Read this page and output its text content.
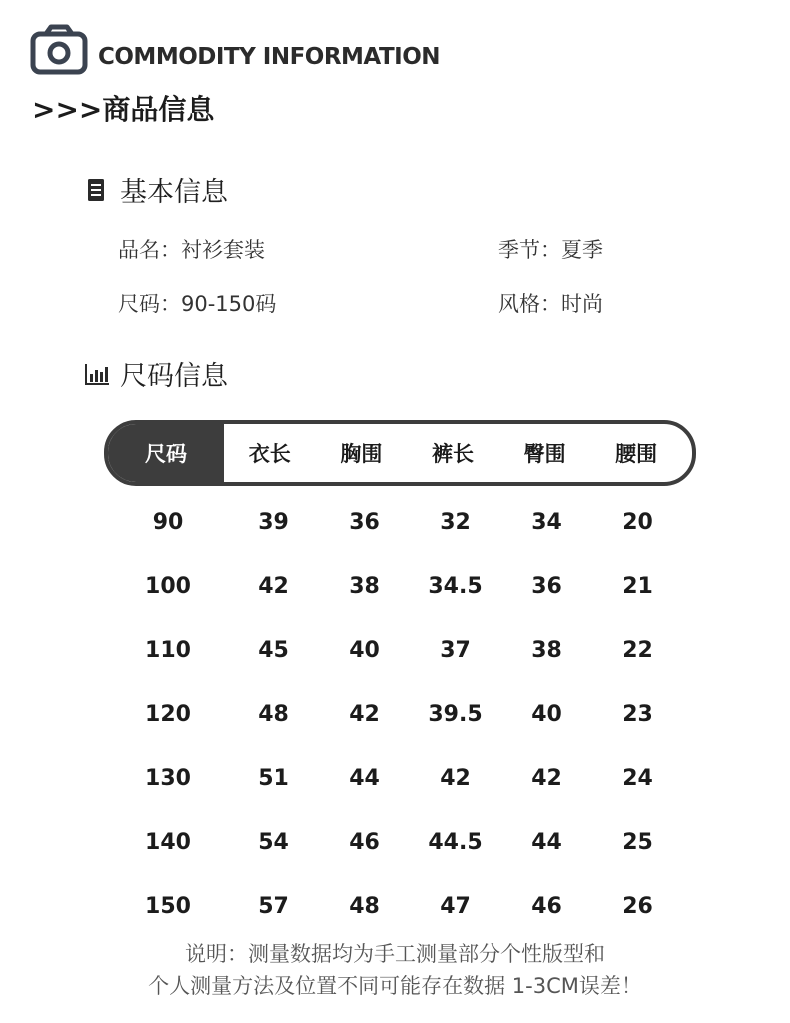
COMMODITY INFORMATION
>>>商品信息
基本信息
品名：衬衫套装	季节：夏季
尺码：90-150码	风格：时尚
尺码信息
尺码	衣长	胸围	裤长	臀围	腰围
90	39	36	32	34	20
100	42	38	34.5	36	21
110	45	40	37	38	22
120	48	42	39.5	40	23
130	51	44	42	42	24
140	54	46	44.5	44	25
150	57	48	47	46	26
说明：测量数据均为手工测量部分个性版型和
个人测量方法及位置不同可能存在数据 1-3CM误差！
